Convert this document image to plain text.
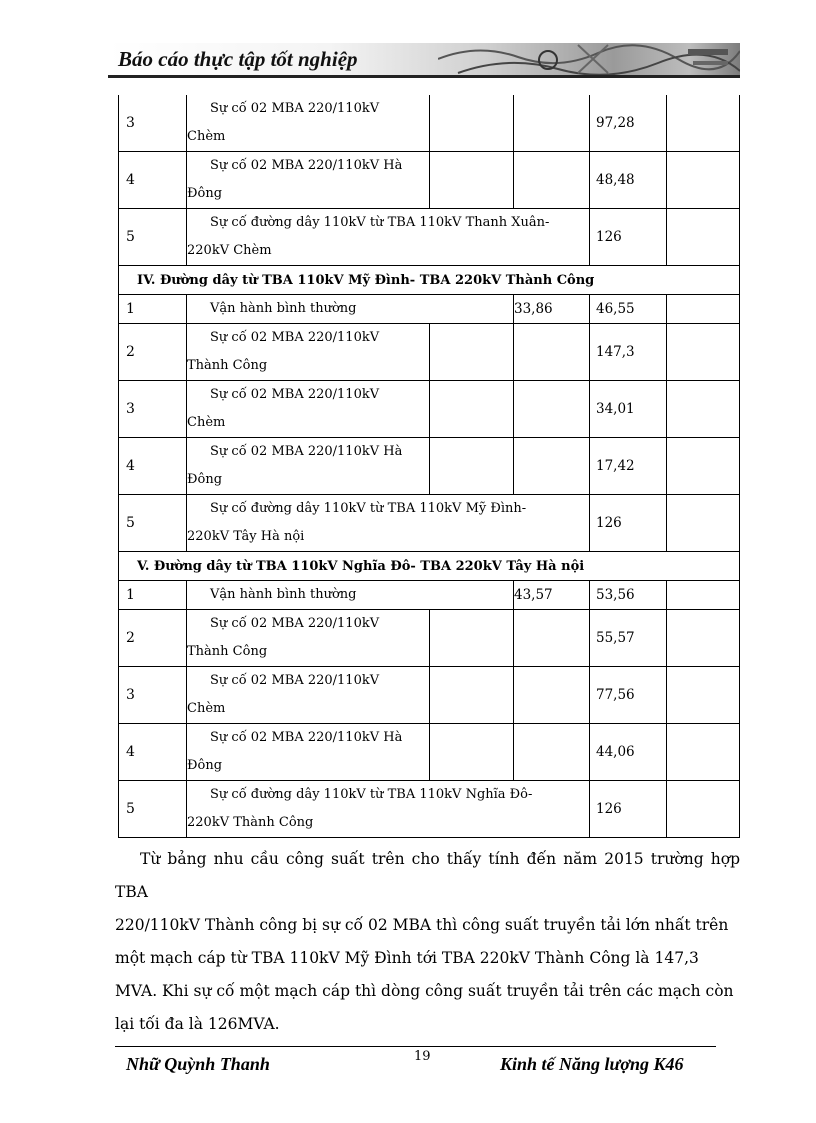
Báo cáo thực tập tốt nghiệp
3	Sự cố 02 MBA 220/110kV
Chèm			97,28	
4	Sự cố 02 MBA 220/110kV Hà
Đông			48,48	
5	Sự cố đường dây 110kV từ TBA 110kV Thanh Xuân-
220kV Chèm			126	
IV. Đường dây từ TBA 110kV Mỹ Đình- TBA 220kV Thành Công					
1	Vận hành bình thường		33,86	46,55	
2	Sự cố 02 MBA 220/110kV
Thành Công			147,3	
3	Sự cố 02 MBA 220/110kV
Chèm			34,01	
4	Sự cố 02 MBA 220/110kV Hà
Đông			17,42	
5	Sự cố đường dây 110kV từ TBA 110kV Mỹ Đình-
220kV Tây Hà nội			126	
V. Đường dây từ TBA 110kV Nghĩa Đô- TBA 220kV Tây Hà nội					
1	Vận hành bình thường		43,57	53,56	
2	Sự cố 02 MBA 220/110kV
Thành Công			55,57	
3	Sự cố 02 MBA 220/110kV
Chèm			77,56	
4	Sự cố 02 MBA 220/110kV Hà
Đông			44,06	
5	Sự cố đường dây 110kV từ TBA 110kV Nghĩa Đô-
220kV Thành Công			126	
Từ bảng nhu cầu công suất trên cho thấy tính đến năm 2015 trường hợp TBA
220/110kV Thành công bị sự cố 02 MBA thì công suất truyền tải lớn nhất trên
một mạch cáp từ TBA 110kV Mỹ Đình tới TBA 220kV Thành Công là 147,3
MVA. Khi sự cố một mạch cáp thì dòng công suất truyền tải trên các mạch còn
lại tối đa là 126MVA.
19
Nhữ Quỳnh Thanh	Kinh tế Năng lượng K46
